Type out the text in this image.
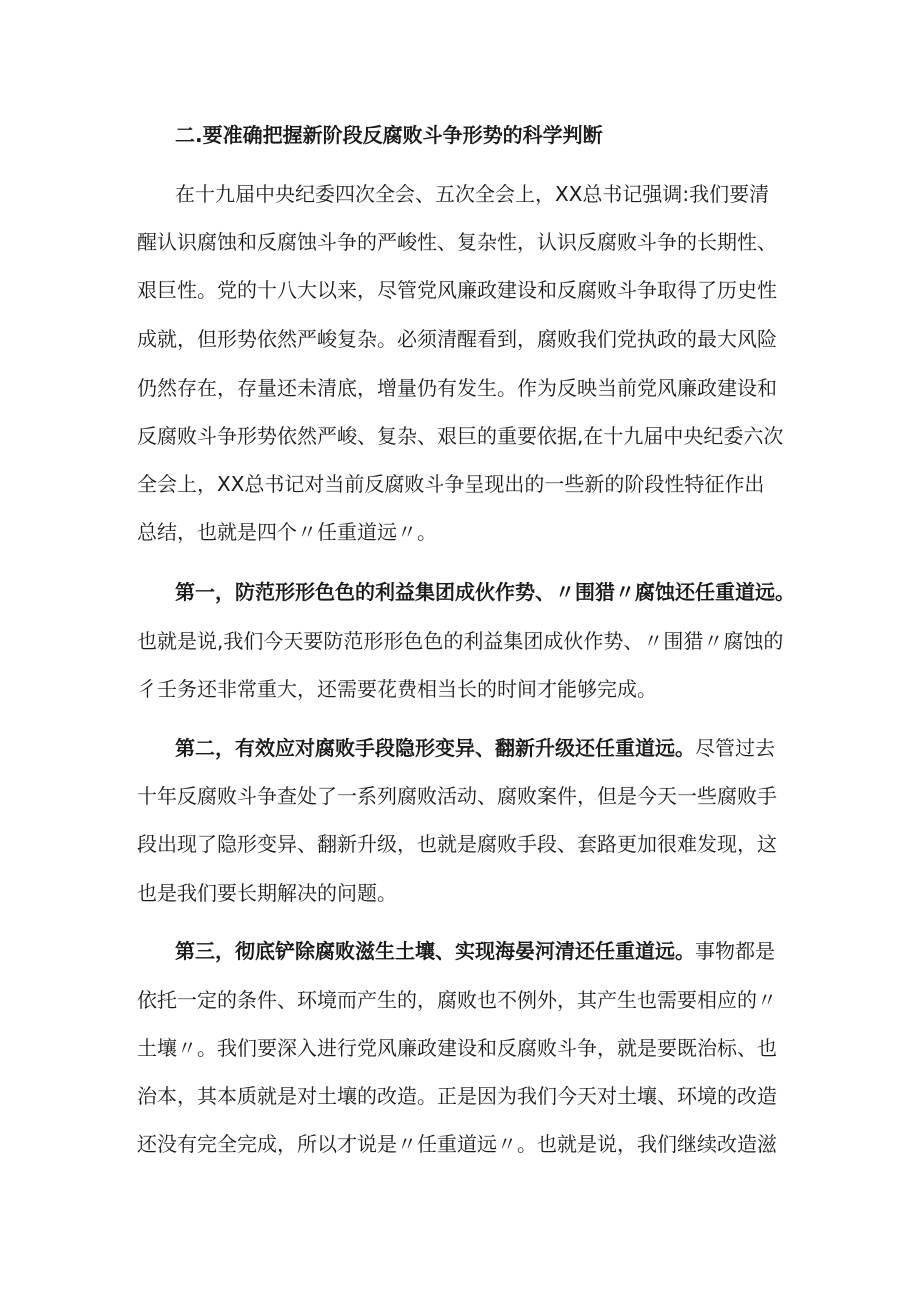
二.要准确把握新阶段反腐败斗争形势的科学判断
在十九届中央纪委四次全会、五次全会上，XX总书记强调:我们要清
醒认识腐蚀和反腐蚀斗争的严峻性、复杂性，认识反腐败斗争的长期性、
艰巨性。党的十八大以来，尽管党风廉政建设和反腐败斗争取得了历史性
成就，但形势依然严峻复杂。必须清醒看到，腐败我们党执政的最大风险
仍然存在，存量还未清底，增量仍有发生。作为反映当前党风廉政建设和
反腐败斗争形势依然严峻、复杂、艰巨的重要依据,在十九届中央纪委六次
全会上，XX总书记对当前反腐败斗争呈现出的一些新的阶段性特征作出
总结，也就是四个〃任重道远〃。
第一，防范形形色色的利益集团成伙作势、〃围猎〃腐蚀还任重道远。
也就是说,我们今天要防范形形色色的利益集团成伙作势、〃围猎〃腐蚀的
彳壬务还非常重大，还需要花费相当长的时间才能够完成。
第二，有效应对腐败手段隐形变异、翻新升级还任重道远。尽管过去
十年反腐败斗争查处了一系列腐败活动、腐败案件，但是今天一些腐败手
段出现了隐形变异、翻新升级，也就是腐败手段、套路更加很难发现，这
也是我们要长期解决的问题。
第三，彻底铲除腐败滋生土壤、实现海晏河清还任重道远。事物都是
依托一定的条件、环境而产生的，腐败也不例外，其产生也需要相应的〃
土壤〃。我们要深入进行党风廉政建设和反腐败斗争，就是要既治标、也
治本，其本质就是对土壤的改造。正是因为我们今天对土壤、环境的改造
还没有完全完成，所以才说是〃任重道远〃。也就是说，我们继续改造滋
